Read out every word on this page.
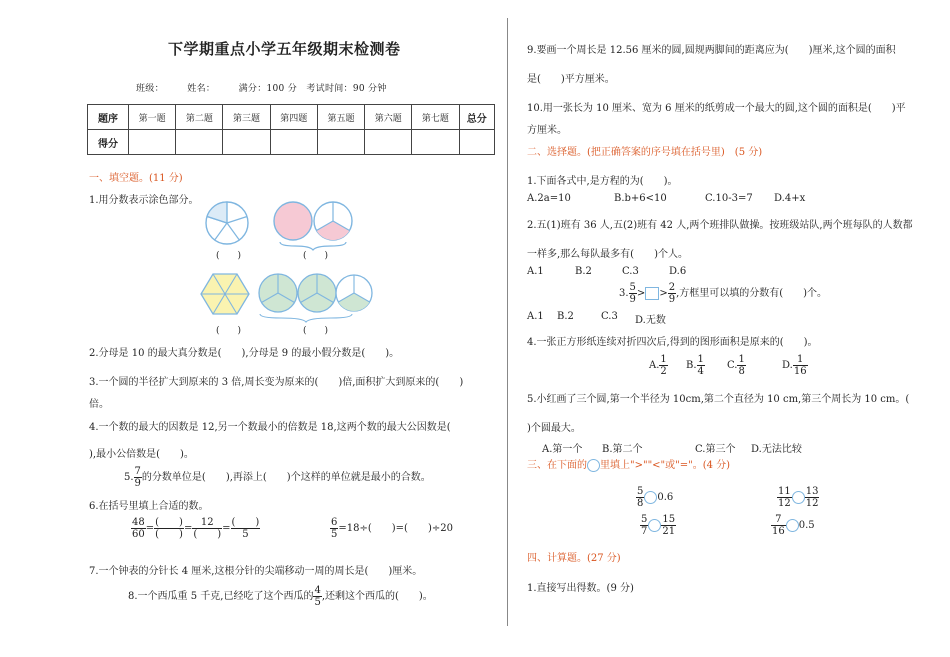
下学期重点小学五年级期末检测卷
班级：　　　姓名：　　　满分：100 分　考试时间：90 分钟
题序	第一题	第二题	第三题	第四题	第五题	第六题	第七题	总分
得分								
一、填空题。(11 分)
1.用分数表示涂色部分。
(　　)	(　　)
(　　)	(　　)
2.分母是 10 的最大真分数是(　　),分母是 9 的最小假分数是(　　)。
3.一个圆的半径扩大到原来的 3 倍,周长变为原来的(　　)倍,面积扩大到原来的(　　)
倍。
4.一个数的最大的因数是 12,另一个数最小的倍数是 18,这两个数的最大公因数是(
),最小公倍数是(　　)。
5. $\frac{7}{9}$ 的分数单位是(　　),再添上(　　)个这样的单位就是最小的合数。
6.在括号里填上合适的数。
$\frac{48}{60} = \frac{( )}{( )} = \frac{12}{( )} = \frac{( )}{5}$	$\frac{6}{5} =18\div$(　　)=(　　)÷20
7.一个钟表的分针长 4 厘米,这根分针的尖端移动一周的周长是(　　)厘米。
8.一个西瓜重 5 千克,已经吃了这个西瓜的 $\frac{4}{5}$ ,还剩这个西瓜的(　　)。
9.要画一个周长是 12.56 厘米的圆,圆规两脚间的距离应为(　　)厘米,这个圆的面积
是(　　)平方厘米。
10.用一张长为 10 厘米、宽为 6 厘米的纸剪成一个最大的圆,这个圆的面积是(　　)平
方厘米。
二、选择题。(把正确答案的序号填在括号里)　(5 分)
1.下面各式中,是方程的为(　　)。
A.2a=10	B.b+6<10	C.10-3=7 D.4+x
2.五(1)班有 36 人,五(2)班有 42 人,两个班排队做操。按班级站队,两个班每队的人数都
一样多,那么每队最多有(　　)个人。
A.1	B.2	C.3	D.6
3. $\frac{5}{9}$ > > $\frac{2}{9}$ ,方框里可以填的分数有(　　)个。
A.1 B.2	C.3 D.无数
4.一张正方形纸连续对折四次后,得到的图形面积是原来的(　　)。
A. $\frac{1}{2} B$. $\frac{1}{4} C$. $\frac{1}{8}$	D. $\frac{1}{16}$
5.小红画了三个圆,第一个半径为 10cm,第二个直径为 10 cm,第三个周长为 10 cm。(
)个圆最大。
A.第一个 B.第二个	C.第三个 D.无法比较
三、在下面的 里填上">""<"或"="。(4 分)
$\frac{5}{8} 0.6$	$\frac{11}{12} \frac{13}{12}$
$\frac{5}{7} \frac{15}{21}$	$\frac{7}{16} 0.5$
四、计算题。(27 分)
1.直接写出得数。(9 分)
